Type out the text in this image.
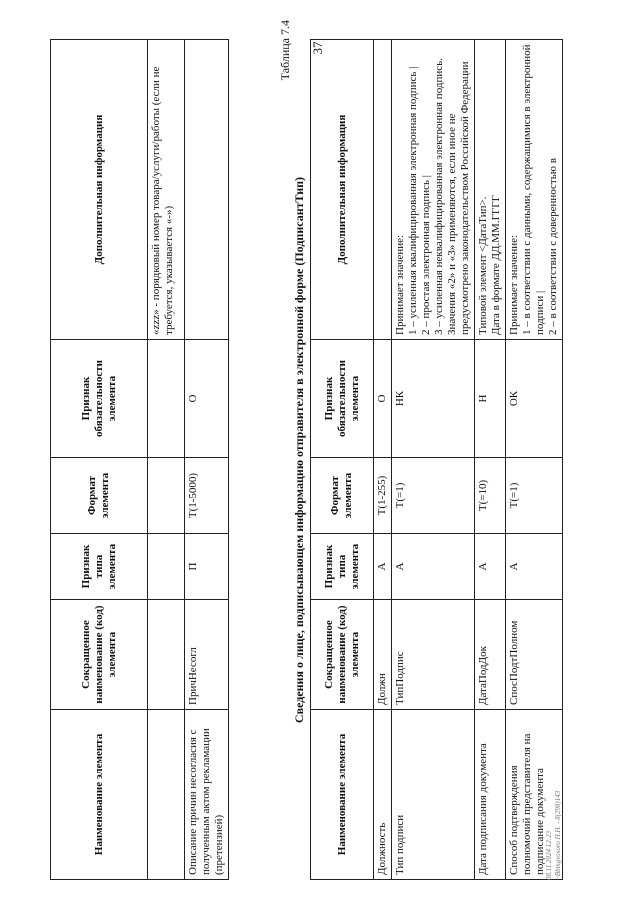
37
Наименование элемента	Сокращенное наименование (код) элемента	Признак типа элемента	Формат элемента	Признак обязательности элемента	Дополнительная информация
					«zzz» - порядковый номер товара/услуги/работы (если не требуется, указывается «-»)
Описание причин несогласия с полученным актом рекламации (претензией)	ПричНесогл	П	T(1-5000)	О	
Таблица 7.4
Сведения о лице, подписывающем информацию отправителя в электронной форме (ПодписантТип)
Наименование элемента	Сокращенное наименование (код) элемента	Признак типа элемента	Формат элемента	Признак обязательности элемента	Дополнительная информация
Должность	Должн	А	T(1-255)	О	
Тип подписи	ТипПодпис	А	T(=1)	НК	Принимает значение: 1 – усиленная квалифицированная электронная подпись | 2 – простая электронная подпись | 3 – усиленная неквалифицированная электронная подпись. Значения «2» и «3» применяются, если иное не предусмотрено законодательством Российской Федерации

Дата подписания документа	ДатаПодДок	А	T(=10)	Н	Типовой элемент <ДатаТип>. Дата в формате ДД.ММ.ГГГГ

Способ подтверждения полномочий представителя на подписание документа	СпосПодтПолном	А	T(=1)	ОК	Принимает значение: 1 – в соответствии с данными, содержащимися в электронной подписи | 2 – в соответствии с доверенностью в
08.11.2024 12:23 ~Bbmgvosoro Н.Н. - 8(298)143
